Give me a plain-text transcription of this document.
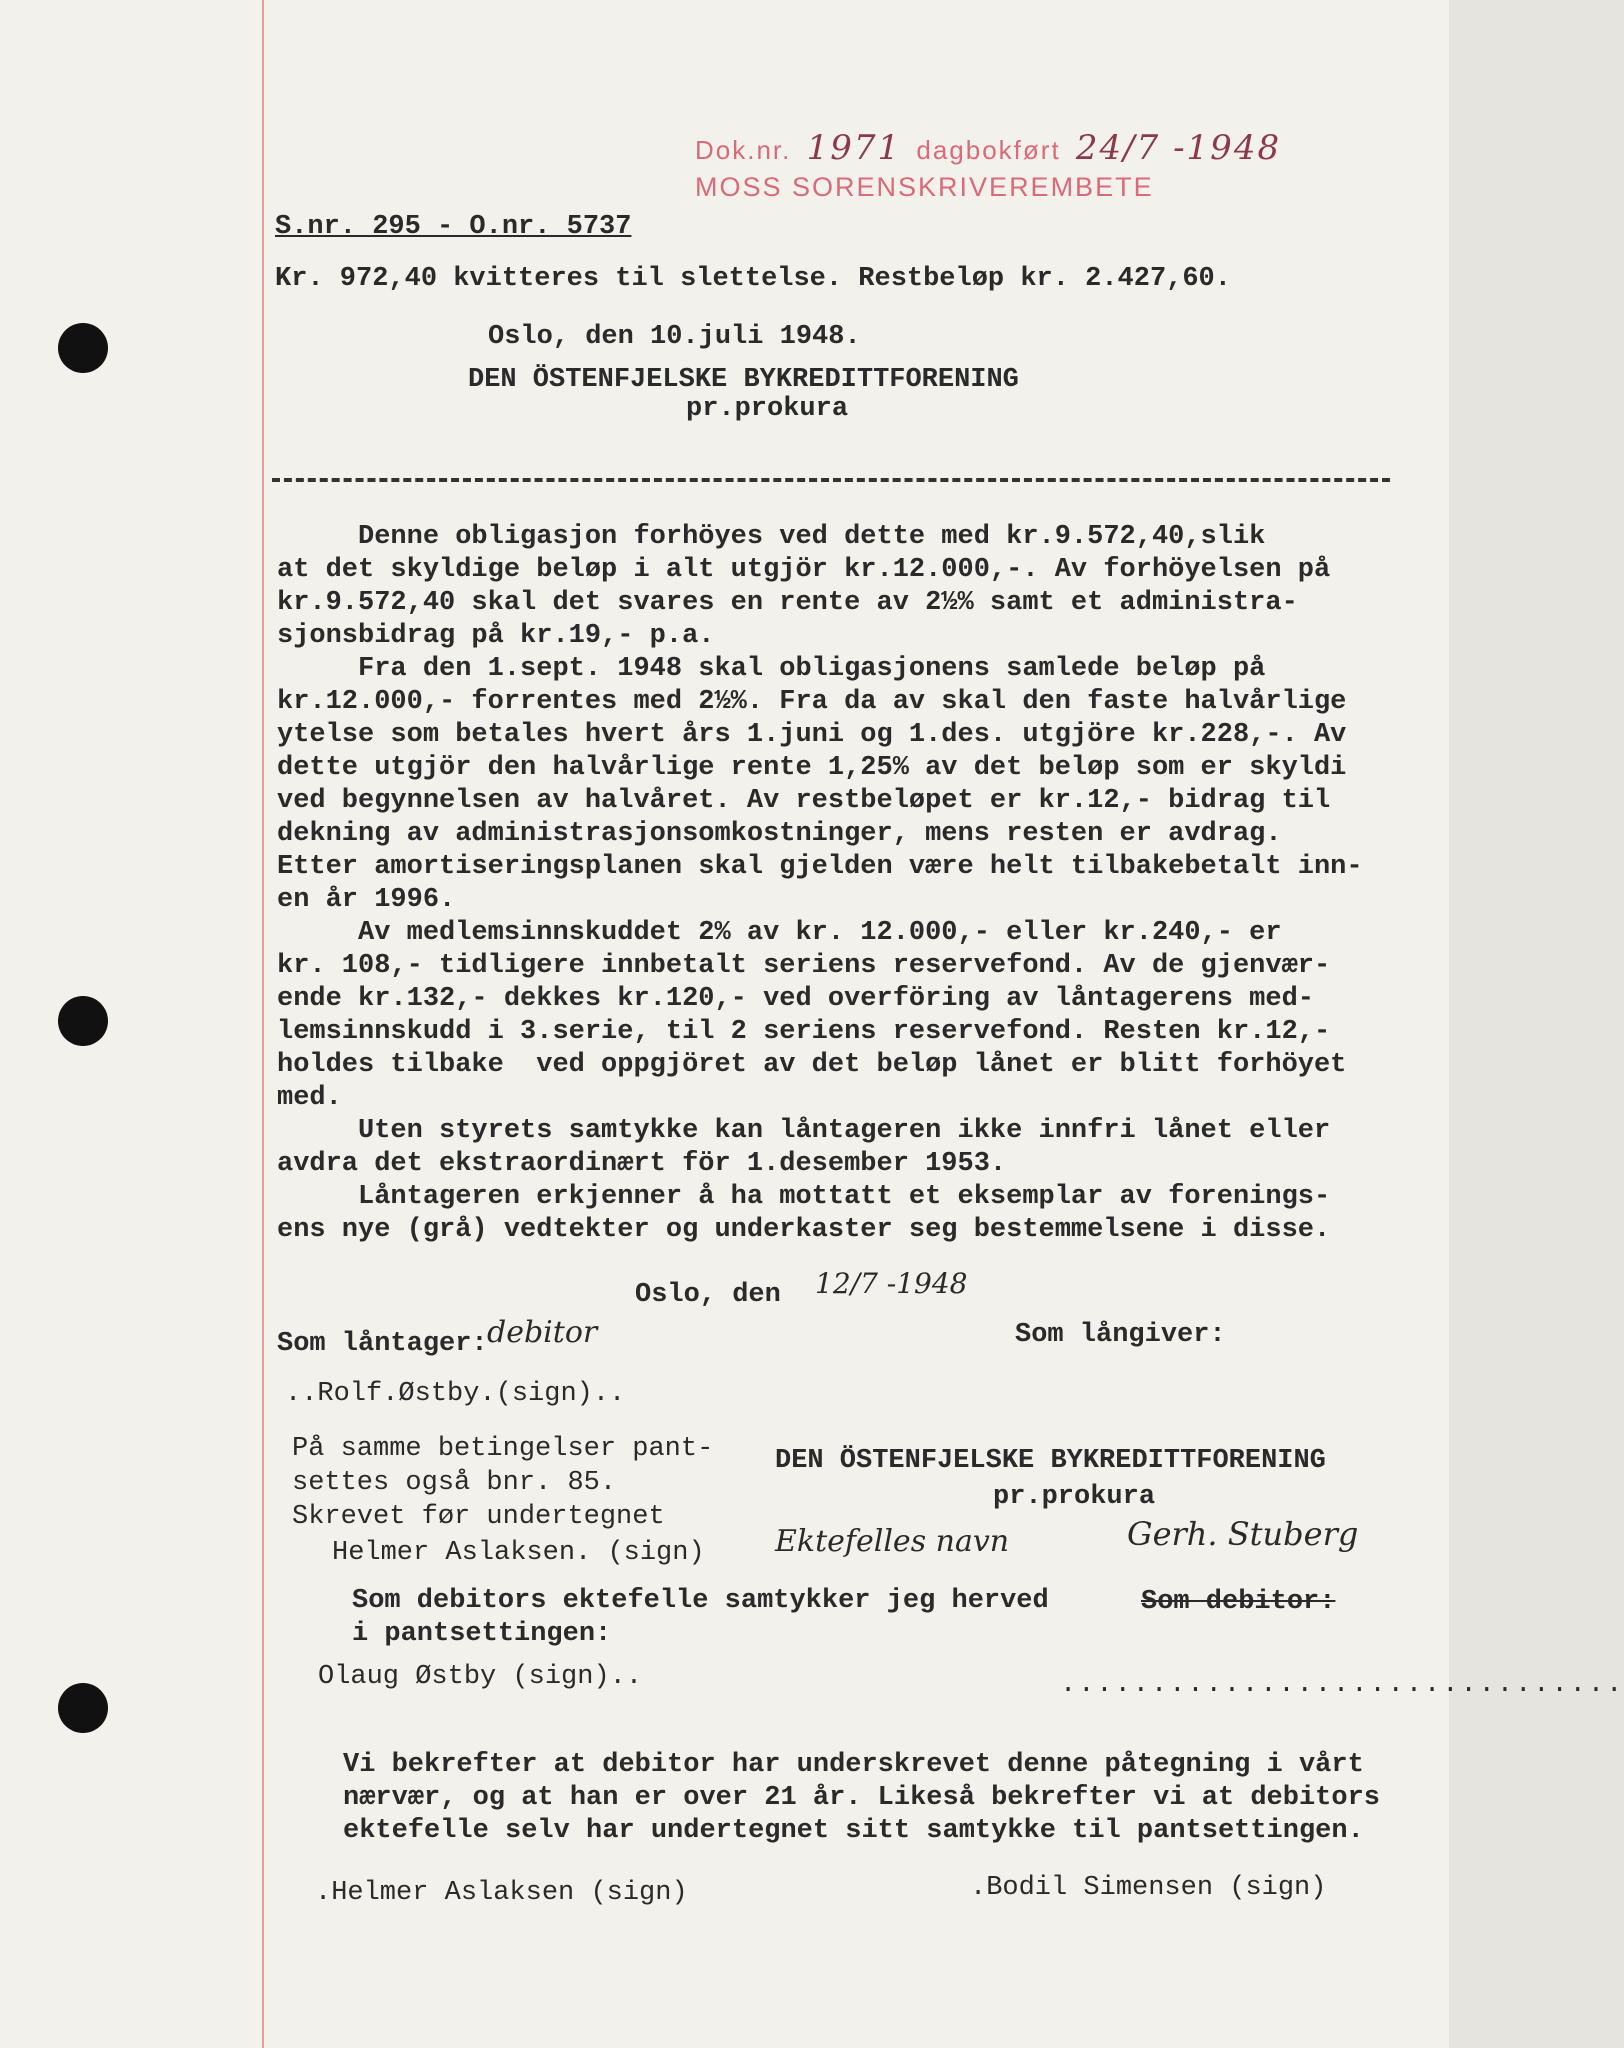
Dok.nr. 1971 dagbokført 24/7 -1948
MOSS SORENSKRIVEREMBETE
S.nr. 295 - O.nr. 5737
Kr. 972,40 kvitteres til slettelse. Restbeløp kr. 2.427,60.
Oslo, den 10.juli 1948.
DEN ÖSTENFJELSKE BYKREDITTFORENING
pr.prokura
Denne obligasjon forhöyes ved dette med kr.9.572,40,slik
at det skyldige beløp i alt utgjör kr.12.000,-. Av forhöyelsen på
kr.9.572,40 skal det svares en rente av 2½% samt et administra-
sjonsbidrag på kr.19,- p.a.
Fra den 1.sept. 1948 skal obligasjonens samlede beløp på
kr.12.000,- forrentes med 2½%. Fra da av skal den faste halvårlige
ytelse som betales hvert års 1.juni og 1.des. utgjöre kr.228,-. Av
dette utgjör den halvårlige rente 1,25% av det beløp som er skyldi
ved begynnelsen av halvåret. Av restbeløpet er kr.12,- bidrag til
dekning av administrasjonsomkostninger, mens resten er avdrag.
Etter amortiseringsplanen skal gjelden være helt tilbakebetalt inn-
en år 1996.
Av medlemsinnskuddet 2% av kr. 12.000,- eller kr.240,- er
kr. 108,- tidligere innbetalt seriens reservefond. Av de gjenvær-
ende kr.132,- dekkes kr.120,- ved overföring av låntagerens med-
lemsinnskudd i 3.serie, til 2 seriens reservefond. Resten kr.12,-
holdes tilbake  ved oppgjöret av det beløp lånet er blitt forhöyet
med.
Uten styrets samtykke kan låntageren ikke innfri lånet eller
avdra det ekstraordinært för 1.desember 1953.
Låntageren erkjenner å ha mottatt et eksemplar av forenings-
ens nye (grå) vedtekter og underkaster seg bestemmelsene i disse.
Oslo, den 12/7 -1948
Som låntager: debitor	Som långiver:
..Rolf.Østby.(sign)..
På samme betingelser pant-
settes også bnr. 85.
Skrevet før undertegnet
Helmer Aslaksen. (sign)
DEN ÖSTENFJELSKE BYKREDITTFORENING
pr.prokura
Ektefelles navn	Gerh. Stuberg
Som debitors ektefelle samtykker jeg herved
i pantsettingen:
Som debitor:
Olaug Østby (sign)..	...............................
Vi bekrefter at debitor har underskrevet denne påtegning i vårt
nærvær, og at han er over 21 år. Likeså bekrefter vi at debitors
ektefelle selv har undertegnet sitt samtykke til pantsettingen.
.Helmer Aslaksen (sign)	.Bodil Simensen (sign)
